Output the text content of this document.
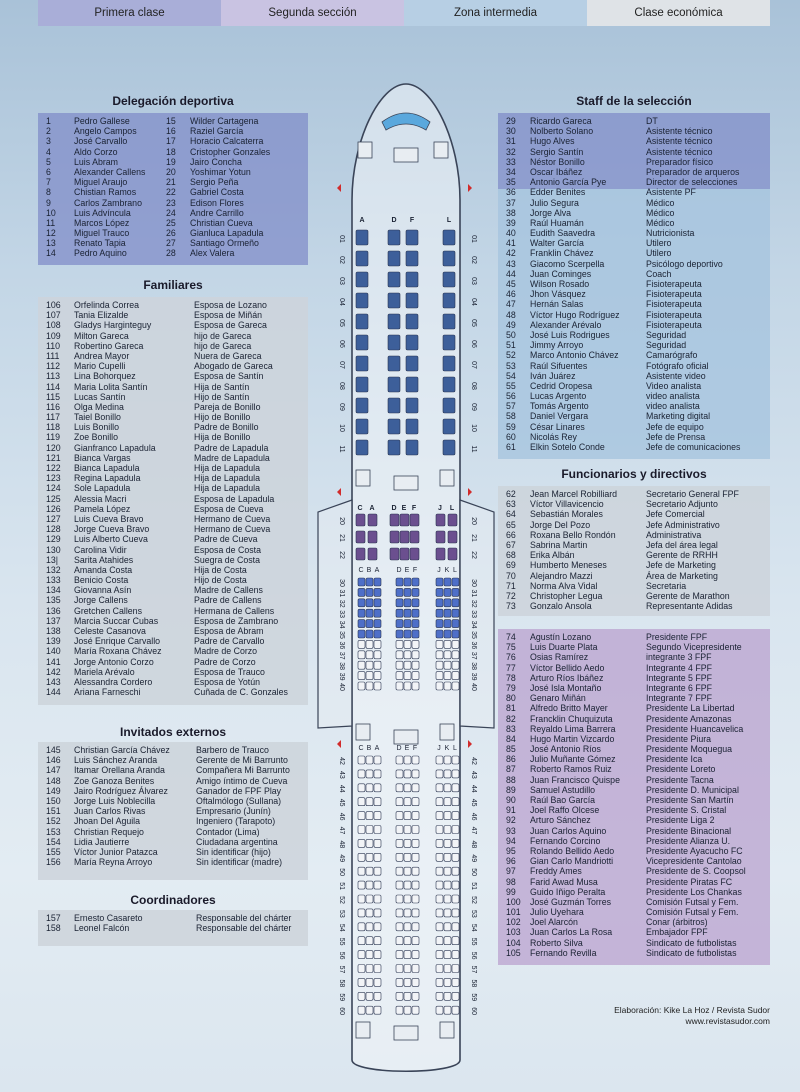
Primera clase	Segunda sección	Zona intermedia	Clase económica
Delegación deportiva
1	Pedro Gallese	15	Wilder Cartagena
2	Angelo Campos	16	Raziel García
3	José Carvallo	17	Horacio Calcaterra
4	Aldo Corzo	18	Cristopher Gonzales
5	Luis Abram	19	Jairo Concha
6	Alexander Callens	20	Yoshimar Yotun
7	Miguel Araujo	21	Sergio Peña
8	Chistian Ramos	22	Gabriel Costa
9	Carlos Zambrano	23	Edison Flores
10	Luis Advíncula	24	Andre Carrillo
11	Marcos López	25	Christian Cueva
12	Miguel Trauco	26	Gianluca Lapadula
13	Renato Tapia	27	Santiago Ormeño
14	Pedro Aquino	28	Alex Valera
Familiares
106	Orfelinda Correa	Esposa de Lozano
107	Tania Elizalde	Esposa de Miñán
108	Gladys Harginteguy	Esposa de Gareca
109	Milton Gareca	hijo de Gareca
110	Robertino Gareca	hijo de Gareca
111	Andrea Mayor	Nuera de Gareca
112	Mario Cupelli	Abogado de Gareca
113	Lina Bohorquez	Esposa de Santín
114	Maria Lolita Santín	Hija de Santín
115	Lucas Santín	Hijo de Santín
116	Olga Medina	Pareja de Bonillo
117	Taiel Bonillo	Hijo de Bonillo
118	Luis Bonillo	Padre de Bonillo
119	Zoe Bonillo	Hija de Bonillo
120	Gianfranco Lapadula	Padre de Lapadula
121	Bianca Vargas	Madre de Lapadula
122	Bianca Lapadula	Hija de Lapadula
123	Regina Lapadula	Hija de Lapadula
124	Sole Lapadula	Hija de Lapadula
125	Alessia Macri	Esposa de Lapadula
126	Pamela López	Esposa de Cueva
127	Luis Cueva Bravo	Hermano de Cueva
128	Jorge Cueva Bravo	Hermano de Cueva
129	Luis Alberto Cueva	Padre de Cueva
130	Carolina Vidir	Esposa de Costa
13|	Sarita Atahides	Suegra de Costa
132	Amanda Costa	Hija de Costa
133	Benicio Costa	Hijo de Costa
134	Giovanna Asín	Madre de Callens
135	Jorge Callens	Padre de Callens
136	Gretchen Callens	Hermana de Callens
137	Marcia Succar Cubas	Esposa de Zambrano
138	Celeste Casanova	Esposa de Abram
139	José Enrique Carvallo	Padre de Carvallo
140	María Roxana Chávez	Madre de Corzo
141	Jorge Antonio Corzo	Padre de Corzo
142	Mariela Arévalo	Esposa de Trauco
143	Alessandra Cordero	Esposa de Yotún
144	Ariana Farneschi	Cuñada de C. Gonzales
Invitados externos
145	Christian García Chávez	Barbero de Trauco
146	Luis Sánchez Aranda	Gerente de Mi Barrunto
147	Itamar Orellana Aranda	Compañera Mi Barrunto
148	Zoe Ganoza Benites	Amigo íntimo de Cueva
149	Jairo Rodríguez Álvarez	Ganador de FPF Play
150	Jorge Luis Noblecilla	Oftalmólogo (Sullana)
151	Juan Carlos Rivas	Empresario (Junín)
152	Jhoan Del Aguila	Ingeniero (Tarapoto)
153	Christian Requejo	Contador (Lima)
154	Lidia Jautierre	Ciudadana argentina
155	Víctor Junior Patazca	Sin identificar (hijo)
156	María Reyna Arroyo	Sin identificar (madre)
Coordinadores
157	Ernesto Casareto	Responsable del chárter
158	Leonel Falcón	Responsable del chárter
Staff de la selección
29	Ricardo Gareca	DT
30	Nolberto Solano	Asistente técnico
31	Hugo Alves	Asistente técnico
32	Sergio Santín	Asistente técnico
33	Néstor Bonillo	Preparador físico
34	Oscar Ibáñez	Preparador de arqueros
35	Antonio García Pye	Director de selecciones
36	Edder Benites	Asistente PF
37	Julio Segura	Médico
38	Jorge Alva	Médico
39	Raúl Huamán	Médico
40	Eudith Saavedra	Nutricionista
41	Walter García	Utilero
42	Franklin Chávez	Utilero
43	Giacomo Scerpella	Psicólogo deportivo
44	Juan Cominges	Coach
45	Wilson Rosado	Fisioterapeuta
46	Jhon Vásquez	Fisioterapeuta
47	Hernán Salas	Fisioterapeuta
48	Víctor Hugo Rodríguez	Fisioterapeuta
49	Alexander Arévalo	Fisioterapeuta
50	José Luis Rodrigues	Seguridad
51	Jimmy Arroyo	Seguridad
52	Marco Antonio Chávez	Camarógrafo
53	Raúl Sifuentes	Fotógrafo oficial
54	Iván Juárez	Asistente video
55	Cedrid Oropesa	Video analista
56	Lucas Argento	video analista
57	Tomás Argento	video analista
58	Daniel Vergara	Marketing digital
59	César Linares	Jefe de equipo
60	Nicolás Rey	Jefe de Prensa
61	Elkin Sotelo Conde	Jefe de comunicaciones
Funcionarios y directivos
62	Jean Marcel Robilliard	Secretario General FPF
63	Víctor Villavicencio	Secretario Adjunto
64	Sebastián Morales	Jefe Comercial
65	Jorge Del Pozo	Jefe Administrativo
66	Roxana Bello Rondón	Administrativa
67	Sabrina Martin	Jefa del área legal
68	Erika Albán	Gerente de RRHH
69	Humberto Meneses	Jefe de Marketing
70	Alejandro Mazzi	Área de Marketing
71	Norma Alva Vidal	Secretaria
72	Christopher Legua	Gerente de Marathon
73	Gonzalo Ansola	Representante Adidas
74	Agustín Lozano	Presidente FPF
75	Luis Duarte Plata	Segundo Vicepresidente
76	Osias Ramírez	integrante 3 FPF
77	Víctor Bellido Aedo	Integrante 4 FPF
78	Arturo Ríos Ibáñez	Integrante 5 FPF
79	José Isla Montaño	Integrante 6 FPF
80	Genaro Miñán	Integrante 7 FPF
81	Alfredo Britto Mayer	Presidente La Libertad
82	Francklin Chuquizuta	Presidente Amazonas
83	Reyaldo Lima Barrera	Presidente Huancavelica
84	Hugo Martin Vizcardo	Presidente Piura
85	José Antonio Ríos	Presidente Moquegua
86	Julio Muñante Gómez	Presidente Ica
87	Roberto Ramos Ruiz	Presidente Loreto
88	Juan Francisco Quispe	Presidente Tacna
89	Samuel Astudillo	Presidente D. Municipal
90	Raúl Bao García	Presidente San Martín
91	Joel Raffo Olcese	Presidente S. Cristal
92	Arturo Sánchez	Presidente Liga 2
93	Juan Carlos Aquino	Presidente Binacional
94	Fernando Corcino	Presidente Alianza U.
95	Rolando Bellido Aedo	Presidente Ayacucho FC
96	Gian Carlo Mandriotti	Vicepresidente Cantolao
97	Freddy Ames	Presidente de S. Coopsol
98	Farid Awad Musa	Presidente Piratas FC
99	Guido Iñigo Peralta	Presidente Los Chankas
100	José Guzmán Torres	Comisión Futsal y Fem.
101	Julio Uyehara	Comisión Futsal y Fem.
102	Joel Alarcón	Conar (árbitros)
103	Juan Carlos La Rosa	Embajador FPF
104	Roberto Silva	Sindicato de futbolistas
105	Fernando Revilla	Sindicato de futbolistas
A	D F	L
01	01
02	02
03	03
04	04
05	05
06	06
07	07
08	08
09	09
10	10
11	11
C A D E F	J L
20	20
21	21
22	22
C B A D E F	J K L
30	30
31	31
32	32
33	33
34	34
35	35
36	36
37	37
38	38
39	39
40	40
C B A D E F	J K L
42	42
43	43
44	44
45	45
46	46
47	47
48	48
49	49
50	50
51	51
52	52
53	53
54	54
55	55
56	56
57	57
58	58
59	59
60	60	Elaboración: Kike La Hoz / Revista Sudor
www.revistasudor.com
